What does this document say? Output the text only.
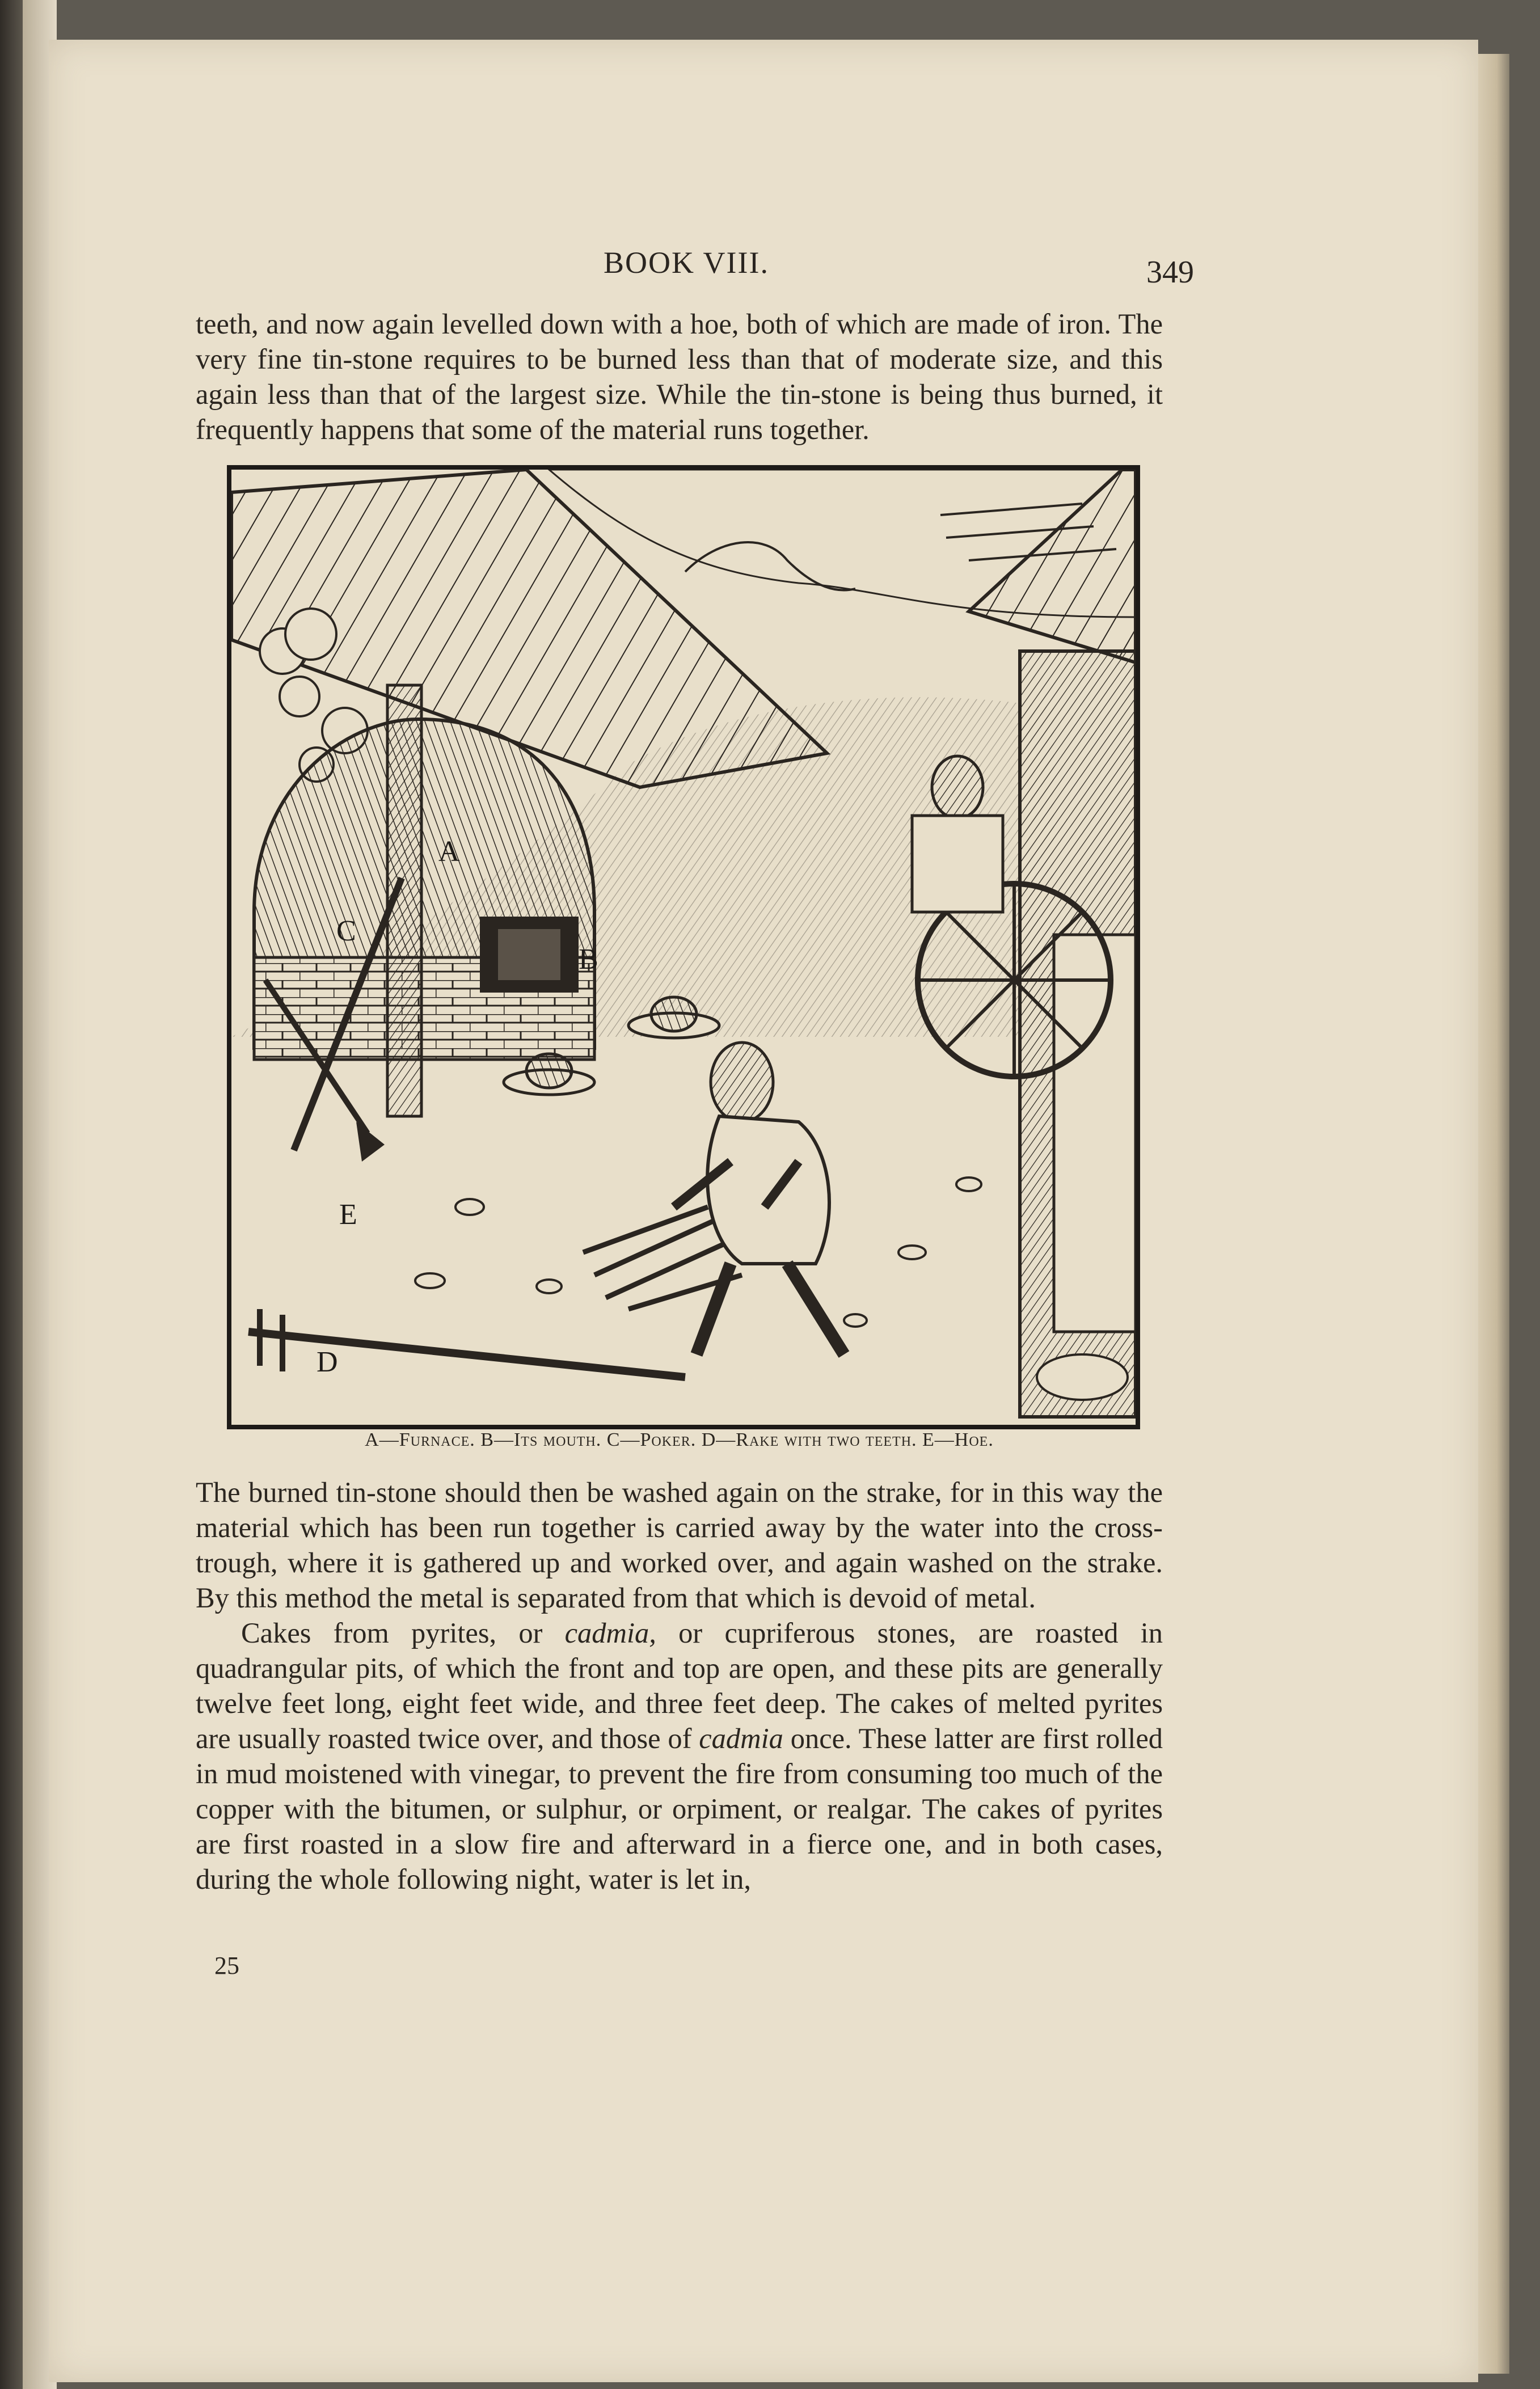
BOOK VIII.	349

teeth, and now again levelled down with a hoe, both of which are made of iron. The very fine tin-stone requires to be burned less than that of moderate size, and this again less than that of the largest size. While the tin-stone is being thus burned, it frequently happens that some of the material runs together.

A
B
C
D
E
A—Furnace. B—Its mouth. C—Poker. D—Rake with two teeth. E—Hoe.

The burned tin-stone should then be washed again on the strake, for in this way the material which has been run together is carried away by the water into the cross-trough, where it is gathered up and worked over, and again washed on the strake. By this method the metal is separated from that which is devoid of metal.

Cakes from pyrites, or cadmia, or cupriferous stones, are roasted in quadrangular pits, of which the front and top are open, and these pits are generally twelve feet long, eight feet wide, and three feet deep. The cakes of melted pyrites are usually roasted twice over, and those of cadmia once. These latter are first rolled in mud moistened with vinegar, to prevent the fire from consuming too much of the copper with the bitumen, or sulphur, or orpiment, or realgar. The cakes of pyrites are first roasted in a slow fire and afterward in a fierce one, and in both cases, during the whole following night, water is let in,

25
